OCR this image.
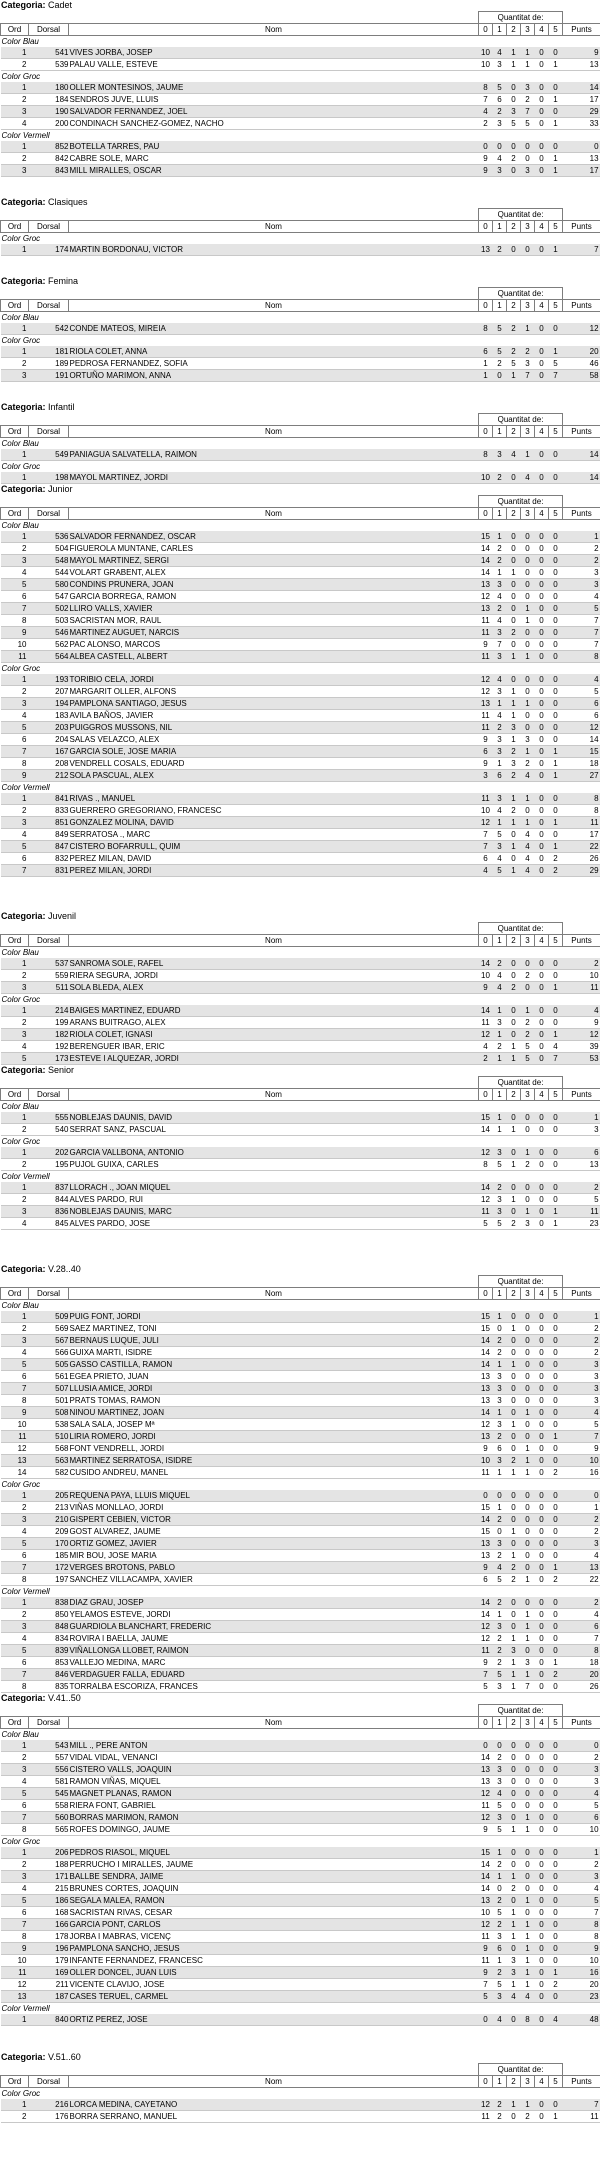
Categoria: Cadet
			Quantitat de:						
Ord	Dorsal	Nom	0	1	2	3	4	5	Punts
Color Blau									
1	541	VIVES JORBA, JOSEP	10	4	1	1	0	0	9
2	539	PALAU VALLE, ESTEVE	10	3	1	1	0	1	13
Color Groc									
1	180	OLLER MONTESINOS, JAUME	8	5	0	3	0	0	14
2	184	SENDROS JUVE, LLUIS	7	6	0	2	0	1	17
3	190	SALVADOR FERNANDEZ, JOEL	4	2	3	7	0	0	29
4	200	CONDINACH SANCHEZ-GOMEZ, NACHO	2	3	5	5	0	1	33
Color Vermell									
1	852	BOTELLA TARRES, PAU	0	0	0	0	0	0	0
2	842	CABRE SOLE, MARC	9	4	2	0	0	1	13
3	843	MILL MIRALLES, OSCAR	9	3	0	3	0	1	17
Categoria: Clasiques
			Quantitat de:						
Ord	Dorsal	Nom	0	1	2	3	4	5	Punts
Color Groc									
1	174	MARTIN BORDONAU, VICTOR	13	2	0	0	0	1	7
Categoria: Femina
			Quantitat de:						
Ord	Dorsal	Nom	0	1	2	3	4	5	Punts
Color Blau									
1	542	CONDE MATEOS, MIREIA	8	5	2	1	0	0	12
Color Groc									
1	181	RIOLA COLET, ANNA	6	5	2	2	0	1	20
2	189	PEDROSA FERNANDEZ, SOFIA	1	2	5	3	0	5	46
3	191	ORTUÑO MARIMON, ANNA	1	0	1	7	0	7	58
Categoria: Infantil
			Quantitat de:						
Ord	Dorsal	Nom	0	1	2	3	4	5	Punts
Color Blau									
1	549	PANIAGUA SALVATELLA, RAIMON	8	3	4	1	0	0	14
Color Groc									
1	198	MAYOL MARTINEZ, JORDI	10	2	0	4	0	0	14
Categoria: Junior
			Quantitat de:						
Ord	Dorsal	Nom	0	1	2	3	4	5	Punts
Color Blau									
1	536	SALVADOR FERNANDEZ, OSCAR	15	1	0	0	0	0	1
2	504	FIGUEROLA MUNTANE, CARLES	14	2	0	0	0	0	2
3	548	MAYOL MARTINEZ, SERGI	14	2	0	0	0	0	2
4	544	VOLART GRABENT, ALEX	14	1	1	0	0	0	3
5	580	CONDINS PRUNERA, JOAN	13	3	0	0	0	0	3
6	547	GARCIA BORREGA, RAMON	12	4	0	0	0	0	4
7	502	LLIRO VALLS, XAVIER	13	2	0	1	0	0	5
8	503	SACRISTAN MOR, RAUL	11	4	0	1	0	0	7
9	546	MARTINEZ AUGUET, NARCIS	11	3	2	0	0	0	7
10	562	PAC ALONSO, MARCOS	9	7	0	0	0	0	7
11	564	ALBEA CASTELL, ALBERT	11	3	1	1	0	0	8
Color Groc									
1	193	TORIBIO CELA, JORDI	12	4	0	0	0	0	4
2	207	MARGARIT OLLER, ALFONS	12	3	1	0	0	0	5
3	194	PAMPLONA SANTIAGO, JESUS	13	1	1	1	0	0	6
4	183	AVILA BAÑOS, JAVIER	11	4	1	0	0	0	6
5	203	PUIGGROS MUSSONS, NIL	11	2	3	0	0	0	12
6	204	SALAS VELAZCO, ALEX	9	3	1	3	0	0	14
7	167	GARCIA SOLE, JOSE MARIA	6	3	2	1	0	1	15
8	208	VENDRELL COSALS, EDUARD	9	1	3	2	0	1	18
9	212	SOLA PASCUAL, ALEX	3	6	2	4	0	1	27
Color Vermell									
1	841	RIVAS ., MANUEL	11	3	1	1	0	0	8
2	833	GUERRERO GREGORIANO, FRANCESC	10	4	2	0	0	0	8
3	851	GONZALEZ MOLINA, DAVID	12	1	1	1	0	1	11
4	849	SERRATOSA ., MARC	7	5	0	4	0	0	17
5	847	CISTERO BOFARRULL, QUIM	7	3	1	4	0	1	22
6	832	PEREZ MILAN, DAVID	6	4	0	4	0	2	26
7	831	PEREZ MILAN, JORDI	4	5	1	4	0	2	29
Categoria: Juvenil
			Quantitat de:						
Ord	Dorsal	Nom	0	1	2	3	4	5	Punts
Color Blau									
1	537	SANROMA SOLE, RAFEL	14	2	0	0	0	0	2
2	559	RIERA SEGURA, JORDI	10	4	0	2	0	0	10
3	511	SOLA BLEDA, ALEX	9	4	2	0	0	1	11
Color Groc									
1	214	BAIGES MARTINEZ, EDUARD	14	1	0	1	0	0	4
2	199	ARANS BUITRAGO, ALEX	11	3	0	2	0	0	9
3	182	RIOLA COLET, IGNASI	12	1	0	2	0	1	12
4	192	BERENGUER IBAR, ERIC	4	2	1	5	0	4	39
5	173	ESTEVE I ALQUEZAR, JORDI	2	1	1	5	0	7	53
Categoria: Senior
			Quantitat de:						
Ord	Dorsal	Nom	0	1	2	3	4	5	Punts
Color Blau									
1	555	NOBLEJAS DAUNIS, DAVID	15	1	0	0	0	0	1
2	540	SERRAT SANZ, PASCUAL	14	1	1	0	0	0	3
Color Groc									
1	202	GARCIA VALLBONA, ANTONIO	12	3	0	1	0	0	6
2	195	PUJOL GUIXA, CARLES	8	5	1	2	0	0	13
Color Vermell									
1	837	LLORACH ., JOAN MIQUEL	14	2	0	0	0	0	2
2	844	ALVES PARDO, RUI	12	3	1	0	0	0	5
3	836	NOBLEJAS DAUNIS, MARC	11	3	0	1	0	1	11
4	845	ALVES PARDO, JOSE	5	5	2	3	0	1	23
Categoria: V.28..40
			Quantitat de:						
Ord	Dorsal	Nom	0	1	2	3	4	5	Punts
Color Blau									
1	509	PUIG FONT, JORDI	15	1	0	0	0	0	1
2	569	SAEZ MARTINEZ, TONI	15	0	1	0	0	0	2
3	567	BERNAUS LUQUE, JULI	14	2	0	0	0	0	2
4	566	GUIXA MARTI, ISIDRE	14	2	0	0	0	0	2
5	505	GASSO CASTILLA, RAMON	14	1	1	0	0	0	3
6	561	EGEA PRIETO, JUAN	13	3	0	0	0	0	3
7	507	LLUSIA AMICE, JORDI	13	3	0	0	0	0	3
8	501	PRATS TOMAS, RAMON	13	3	0	0	0	0	3
9	508	NINOU MARTINEZ, JOAN	14	1	0	1	0	0	4
10	538	SALA SALA, JOSEP Mª	12	3	1	0	0	0	5
11	510	LIRIA ROMERO, JORDI	13	2	0	0	0	1	7
12	568	FONT VENDRELL, JORDI	9	6	0	1	0	0	9
13	563	MARTINEZ SERRATOSA, ISIDRE	10	3	2	1	0	0	10
14	582	CUSIDO ANDREU, MANEL	11	1	1	1	0	2	16
Color Groc									
1	205	REQUENA PAYA, LLUIS MIQUEL	0	0	0	0	0	0	0
2	213	VIÑAS MONLLAO, JORDI	15	1	0	0	0	0	1
3	210	GISPERT CEBIEN, VICTOR	14	2	0	0	0	0	2
4	209	GOST ALVAREZ, JAUME	15	0	1	0	0	0	2
5	170	ORTIZ GOMEZ, JAVIER	13	3	0	0	0	0	3
6	185	MIR BOU, JOSE MARIA	13	2	1	0	0	0	4
7	172	VERGES BROTONS, PABLO	9	4	2	0	0	1	13
8	197	SANCHEZ VILLACAMPA, XAVIER	6	5	2	1	0	2	22
Color Vermell									
1	838	DIAZ GRAU, JOSEP	14	2	0	0	0	0	2
2	850	YELAMOS ESTEVE, JORDI	14	1	0	1	0	0	4
3	848	GUARDIOLA BLANCHART, FREDERIC	12	3	0	1	0	0	6
4	834	ROVIRA I BAELLA, JAUME	12	2	1	1	0	0	7
5	839	VIÑALLONGA LLOBET, RAIMON	11	2	3	0	0	0	8
6	853	VALLEJO MEDINA, MARC	9	2	1	3	0	1	18
7	846	VERDAGUER FALLA, EDUARD	7	5	1	1	0	2	20
8	835	TORRALBA ESCORIZA, FRANCES	5	3	1	7	0	0	26
Categoria: V.41..50
			Quantitat de:						
Ord	Dorsal	Nom	0	1	2	3	4	5	Punts
Color Blau									
1	543	MILL ., PERE ANTON	0	0	0	0	0	0	0
2	557	VIDAL VIDAL, VENANCI	14	2	0	0	0	0	2
3	556	CISTERO VALLS, JOAQUIN	13	3	0	0	0	0	3
4	581	RAMON VIÑAS, MIQUEL	13	3	0	0	0	0	3
5	545	MAGNET PLANAS, RAMON	12	4	0	0	0	0	4
6	558	RIERA FONT, GABRIEL	11	5	0	0	0	0	5
7	560	BORRAS MARIMON, RAMON	12	3	0	1	0	0	6
8	565	ROFES DOMINGO, JAUME	9	5	1	1	0	0	10
Color Groc									
1	206	PEDROS RIASOL, MIQUEL	15	1	0	0	0	0	1
2	188	PERRUCHO I MIRALLES, JAUME	14	2	0	0	0	0	2
3	171	BALLBE SENDRA, JAIME	14	1	1	0	0	0	3
4	215	BRUNES CORTES, JOAQUIN	14	0	2	0	0	0	4
5	186	SEGALA MALEA, RAMON	13	2	0	1	0	0	5
6	168	SACRISTAN RIVAS, CESAR	10	5	1	0	0	0	7
7	166	GARCIA PONT, CARLOS	12	2	1	1	0	0	8
8	178	JORBA I MABRAS, VICENÇ	11	3	1	1	0	0	8
9	196	PAMPLONA SANCHO, JESUS	9	6	0	1	0	0	9
10	179	INFANTE FERNANDEZ, FRANCESC	11	1	3	1	0	0	10
11	169	OLLER DONCEL, JUAN LUIS	9	2	3	1	0	1	16
12	211	VICENTE CLAVIJO, JOSE	7	5	1	1	0	2	20
13	187	CASES TERUEL, CARMEL	5	3	4	4	0	0	23
Color Vermell									
1	840	ORTIZ PEREZ, JOSE	0	4	0	8	0	4	48
Categoria: V.51..60
			Quantitat de:						
Ord	Dorsal	Nom	0	1	2	3	4	5	Punts
Color Groc									
1	216	LORCA MEDINA, CAYETANO	12	2	1	1	0	0	7
2	176	BORRA SERRANO, MANUEL	11	2	0	2	0	1	11
